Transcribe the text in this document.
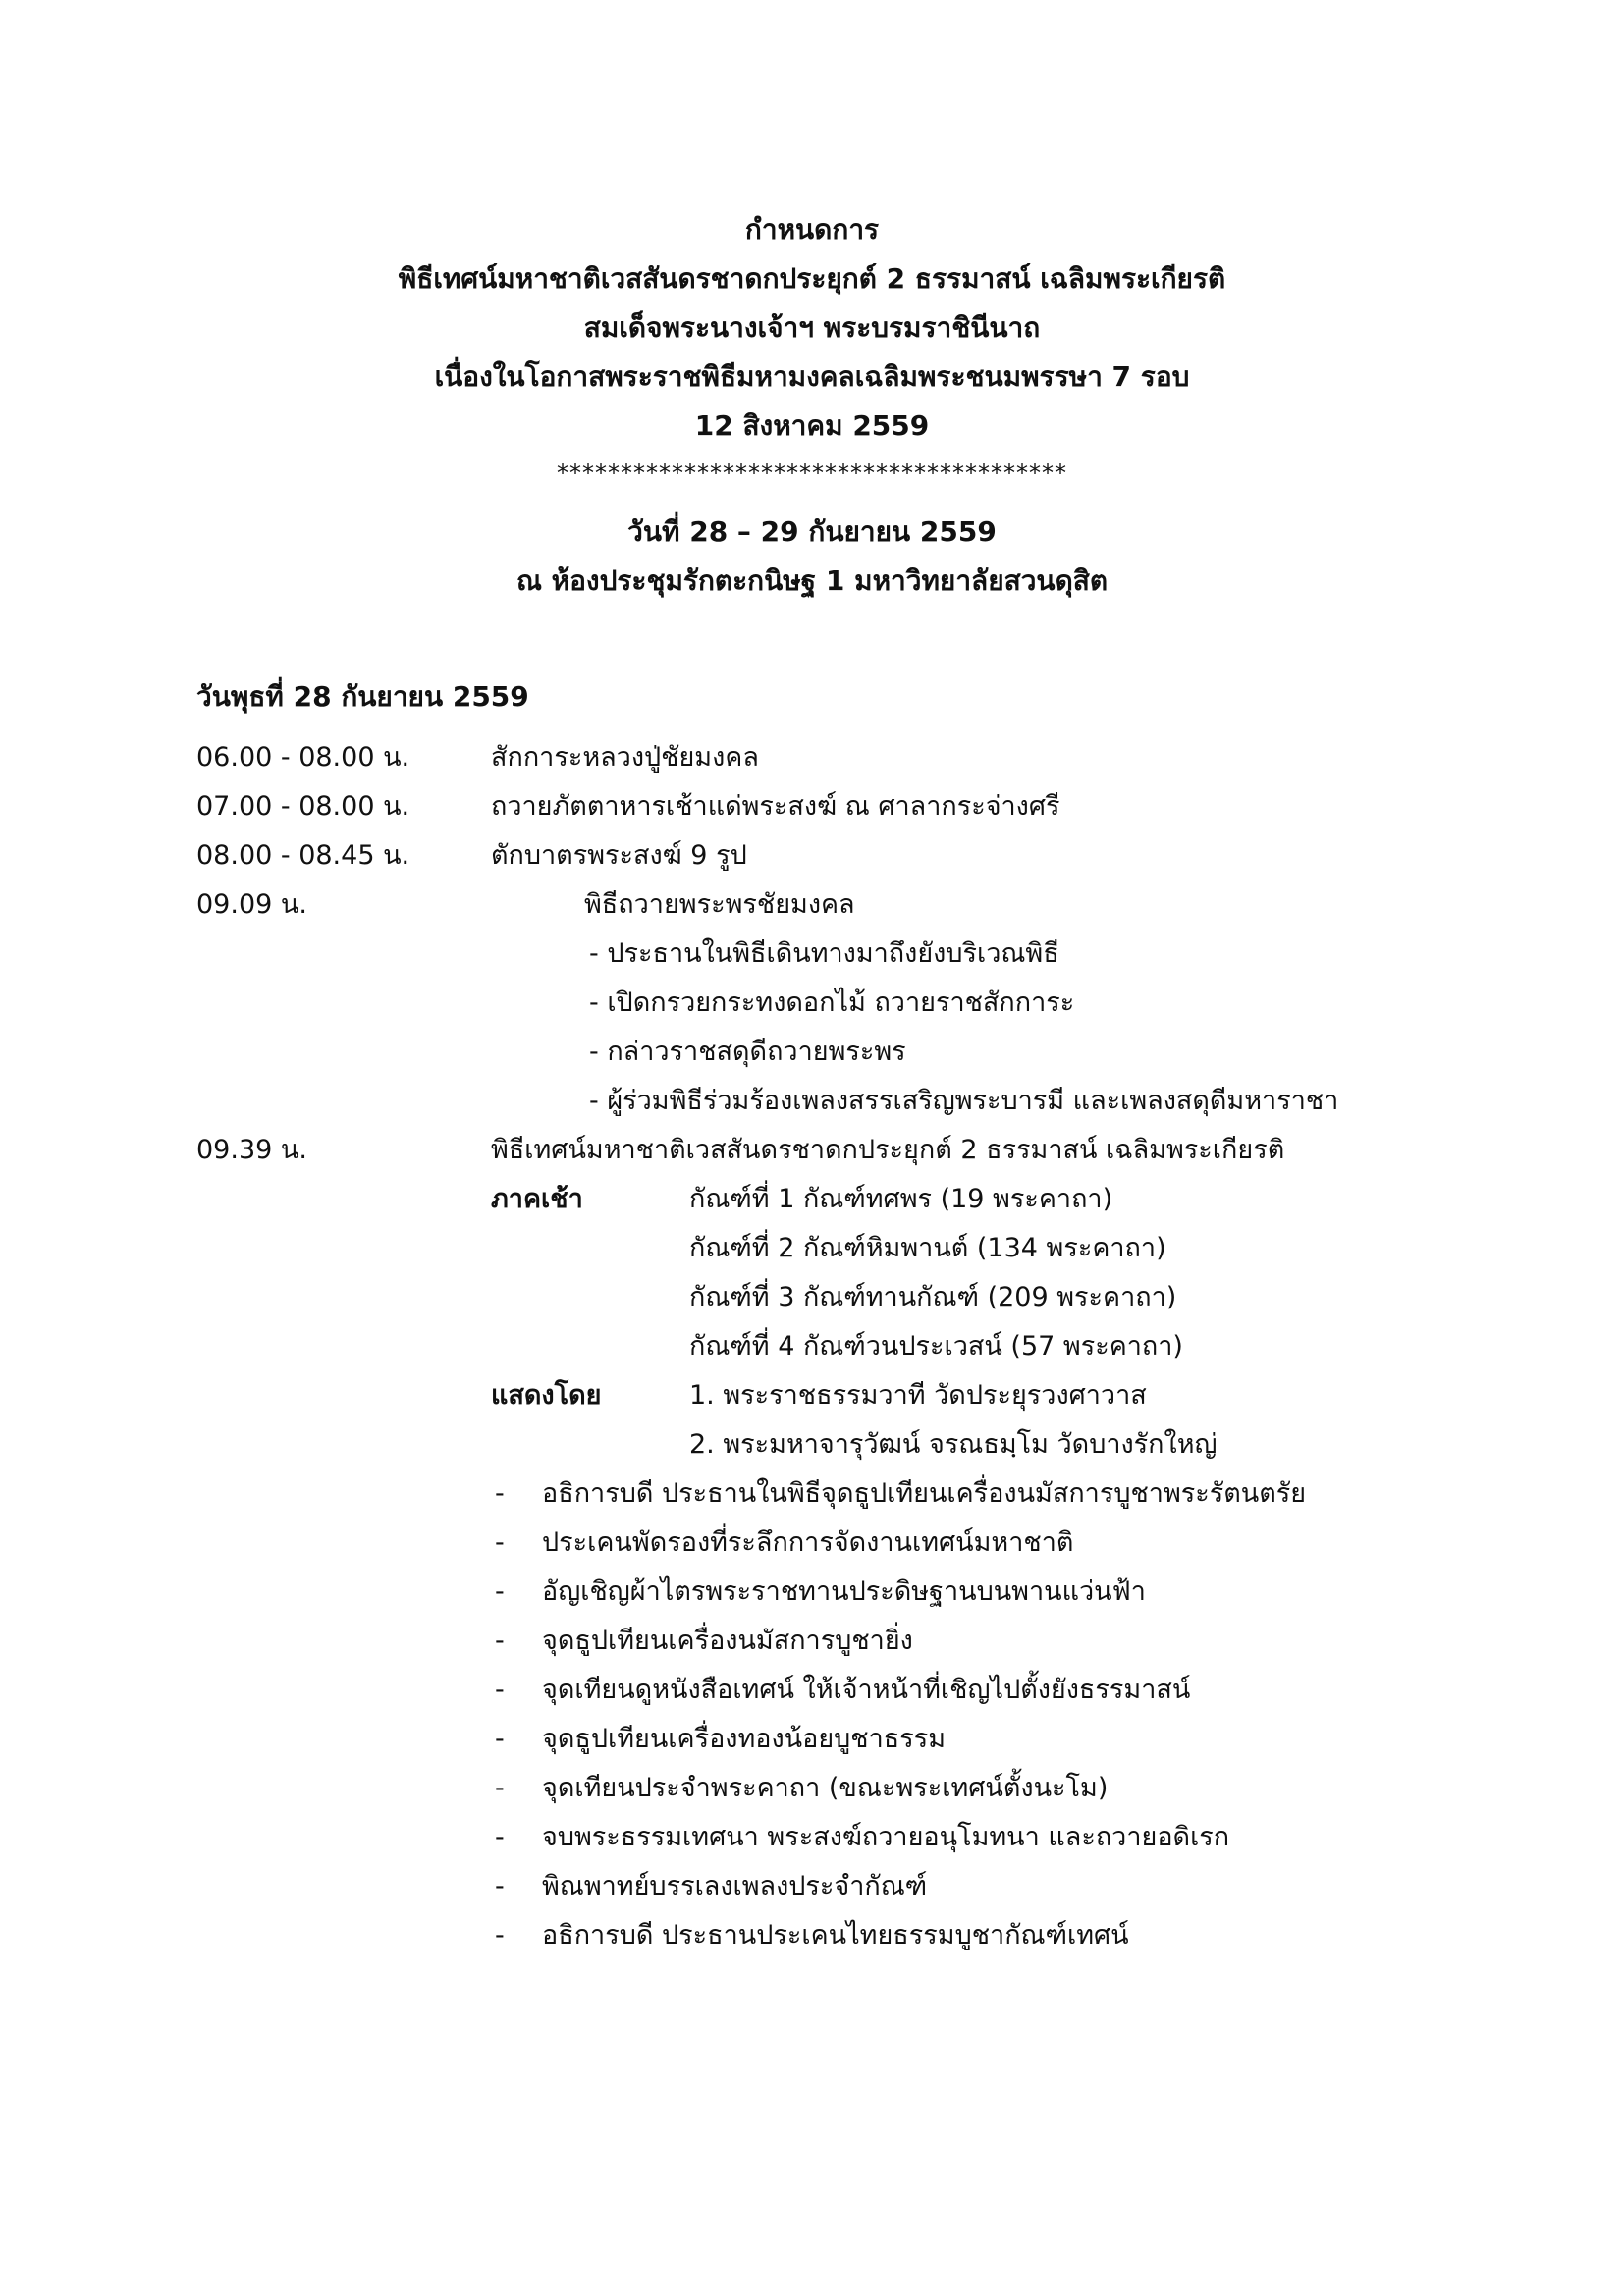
กำหนดการ
พิธีเทศน์มหาชาติเวสสันดรชาดกประยุกต์ 2 ธรรมาสน์ เฉลิมพระเกียรติ
สมเด็จพระนางเจ้าฯ พระบรมราชินีนาถ
เนื่องในโอกาสพระราชพิธีมหามงคลเฉลิมพระชนมพรรษา 7 รอบ
12 สิงหาคม 2559
****************************************
วันที่ 28 – 29 กันยายน 2559
ณ ห้องประชุมรักตะกนิษฐ 1 มหาวิทยาลัยสวนดุสิต
วันพุธที่ 28 กันยายน 2559
06.00 - 08.00 น.	สักการะหลวงปู่ชัยมงคล
07.00 - 08.00 น.	ถวายภัตตาหารเช้าแด่พระสงฆ์ ณ ศาลากระจ่างศรี
08.00 - 08.45 น.	ตักบาตรพระสงฆ์ 9 รูป
09.09 น.	พิธีถวายพระพรชัยมงคล
- ประธานในพิธีเดินทางมาถึงยังบริเวณพิธี
- เปิดกรวยกระทงดอกไม้ ถวายราชสักการะ
- กล่าวราชสดุดีถวายพระพร
- ผู้ร่วมพิธีร่วมร้องเพลงสรรเสริญพระบารมี และเพลงสดุดีมหาราชา
09.39 น.	พิธีเทศน์มหาชาติเวสสันดรชาดกประยุกต์ 2 ธรรมาสน์ เฉลิมพระเกียรติ
ภาคเช้า	กัณฑ์ที่ 1 กัณฑ์ทศพร (19 พระคาถา)
กัณฑ์ที่ 2 กัณฑ์หิมพานต์ (134 พระคาถา)
กัณฑ์ที่ 3 กัณฑ์ทานกัณฑ์ (209 พระคาถา)
กัณฑ์ที่ 4 กัณฑ์วนประเวสน์ (57 พระคาถา)
แสดงโดย	1. พระราชธรรมวาที วัดประยุรวงศาวาส
2. พระมหาจารุวัฒน์ จรณธมฺโม วัดบางรักใหญ่
- อธิการบดี ประธานในพิธีจุดธูปเทียนเครื่องนมัสการบูชาพระรัตนตรัย
- ประเคนพัดรองที่ระลึกการจัดงานเทศน์มหาชาติ
- อัญเชิญผ้าไตรพระราชทานประดิษฐานบนพานแว่นฟ้า
- จุดธูปเทียนเครื่องนมัสการบูชายิ่ง
- จุดเทียนดูหนังสือเทศน์ ให้เจ้าหน้าที่เชิญไปตั้งยังธรรมาสน์
- จุดธูปเทียนเครื่องทองน้อยบูชาธรรม
- จุดเทียนประจำพระคาถา (ขณะพระเทศน์ตั้งนะโม)
- จบพระธรรมเทศนา พระสงฆ์ถวายอนุโมทนา และถวายอดิเรก
- พิณพาทย์บรรเลงเพลงประจำกัณฑ์
- อธิการบดี ประธานประเคนไทยธรรมบูชากัณฑ์เทศน์
